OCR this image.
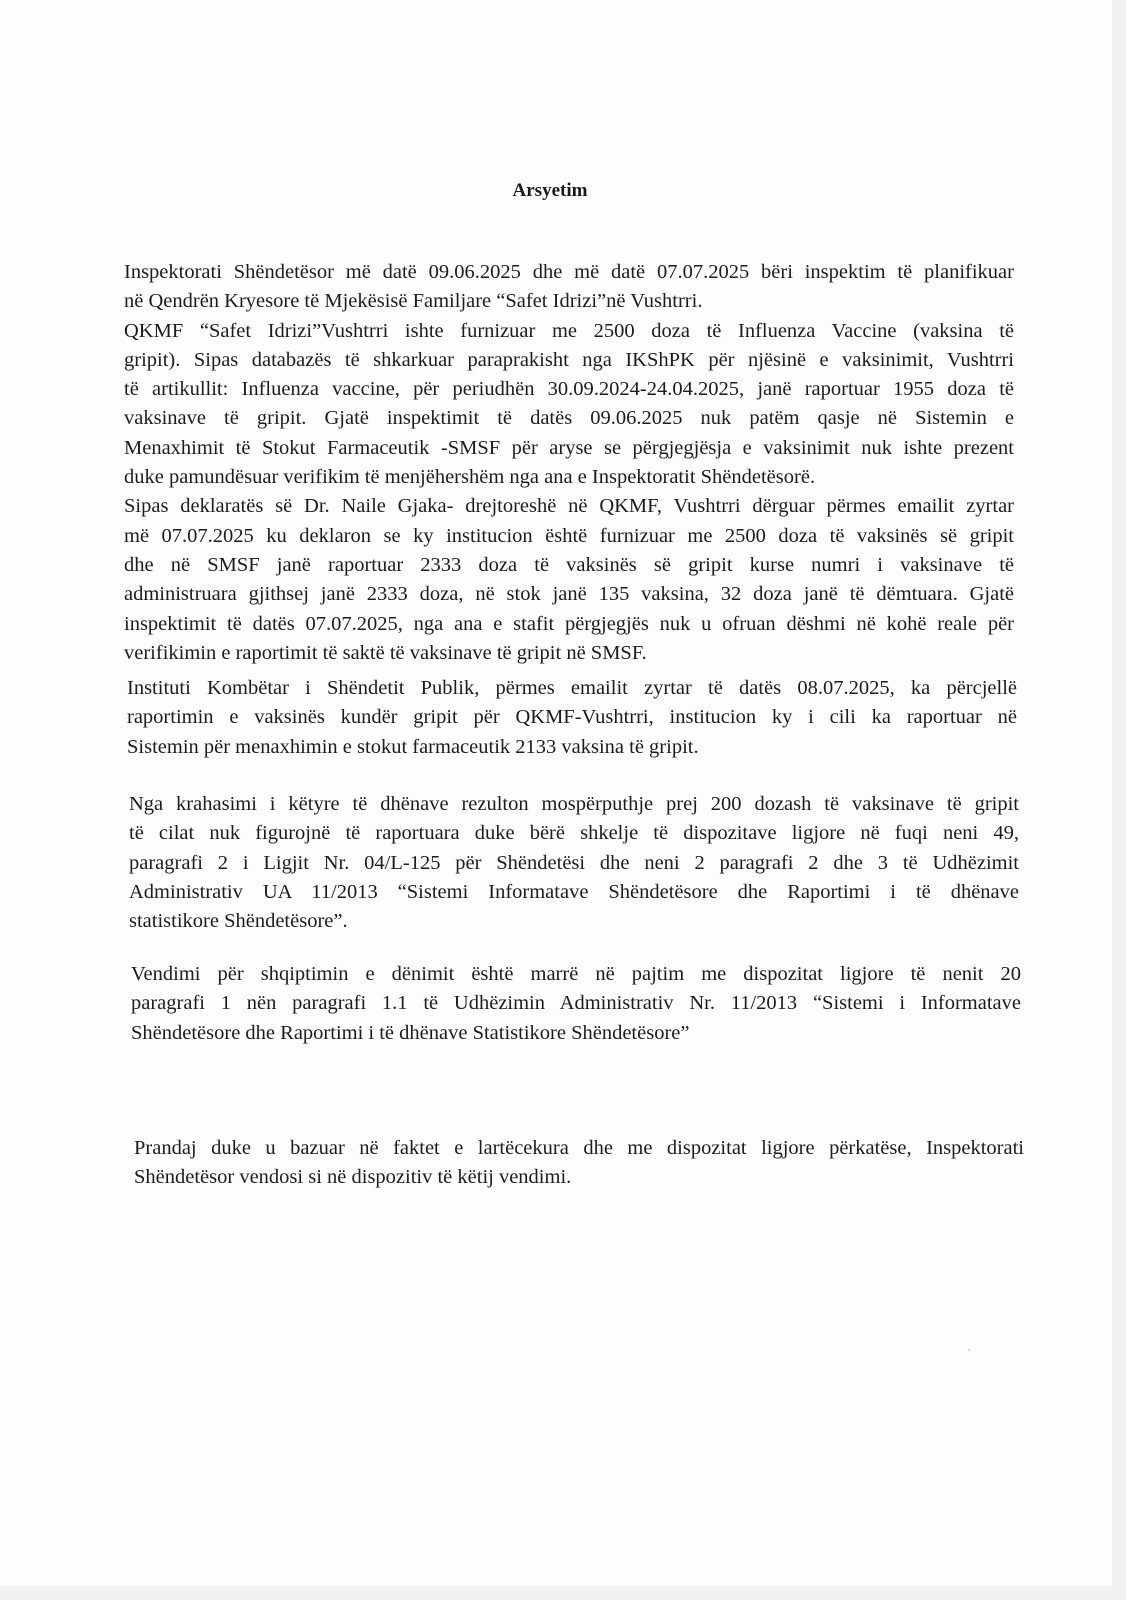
Arsyetim

Inspektorati Shëndetësor më datë 09.06.2025 dhe më datë 07.07.2025 bëri inspektim të planifikuar
në Qendrën Kryesore të Mjekësisë Familjare “Safet Idrizi”në Vushtrri.
QKMF “Safet Idrizi”Vushtrri ishte furnizuar me 2500 doza të Influenza Vaccine (vaksina të
gripit). Sipas databazës të shkarkuar paraprakisht nga IKShPK për njësinë e vaksinimit, Vushtrri
të artikullit: Influenza vaccine, për periudhën 30.09.2024-24.04.2025, janë raportuar 1955 doza të
vaksinave të gripit. Gjatë inspektimit të datës 09.06.2025 nuk patëm qasje në Sistemin e
Menaxhimit të Stokut Farmaceutik -SMSF për aryse se përgjegjësja e vaksinimit nuk ishte prezent
duke pamundësuar verifikim të menjëhershëm nga ana e Inspektoratit Shëndetësorë.
Sipas deklaratës së Dr. Naile Gjaka- drejtoreshë në QKMF, Vushtrri dërguar përmes emailit zyrtar
më 07.07.2025 ku deklaron se ky institucion është furnizuar me 2500 doza të vaksinës së gripit
dhe në SMSF janë raportuar 2333 doza të vaksinës së gripit kurse numri i vaksinave të
administruara gjithsej janë 2333 doza, në stok janë 135 vaksina, 32 doza janë të dëmtuara. Gjatë
inspektimit të datës 07.07.2025, nga ana e stafit përgjegjës nuk u ofruan dëshmi në kohë reale për
verifikimin e raportimit të saktë të vaksinave të gripit në SMSF.

Instituti Kombëtar i Shëndetit Publik, përmes emailit zyrtar të datës 08.07.2025, ka përcjellë
raportimin e vaksinës kundër gripit për QKMF-Vushtrri, institucion ky i cili ka raportuar në
Sistemin për menaxhimin e stokut farmaceutik 2133 vaksina të gripit.

Nga krahasimi i këtyre të dhënave rezulton mospërputhje prej 200 dozash të vaksinave të gripit
të cilat nuk figurojnë të raportuara duke bërë shkelje të dispozitave ligjore në fuqi neni 49,
paragrafi 2 i Ligjit Nr. 04/L-125 për Shëndetësi dhe neni 2 paragrafi 2 dhe 3 të Udhëzimit
Administrativ UA 11/2013 “Sistemi Informatave Shëndetësore dhe Raportimi i të dhënave
statistikore Shëndetësore”.

Vendimi për shqiptimin e dënimit është marrë në pajtim me dispozitat ligjore të nenit 20
paragrafi 1 nën paragrafi 1.1 të Udhëzimin Administrativ Nr. 11/2013 “Sistemi i Informatave
Shëndetësore dhe Raportimi i të dhënave Statistikore Shëndetësore”

Prandaj duke u bazuar në faktet e lartëcekura dhe me dispozitat ligjore përkatëse, Inspektorati
Shëndetësor vendosi si në dispozitiv të këtij vendimi.
